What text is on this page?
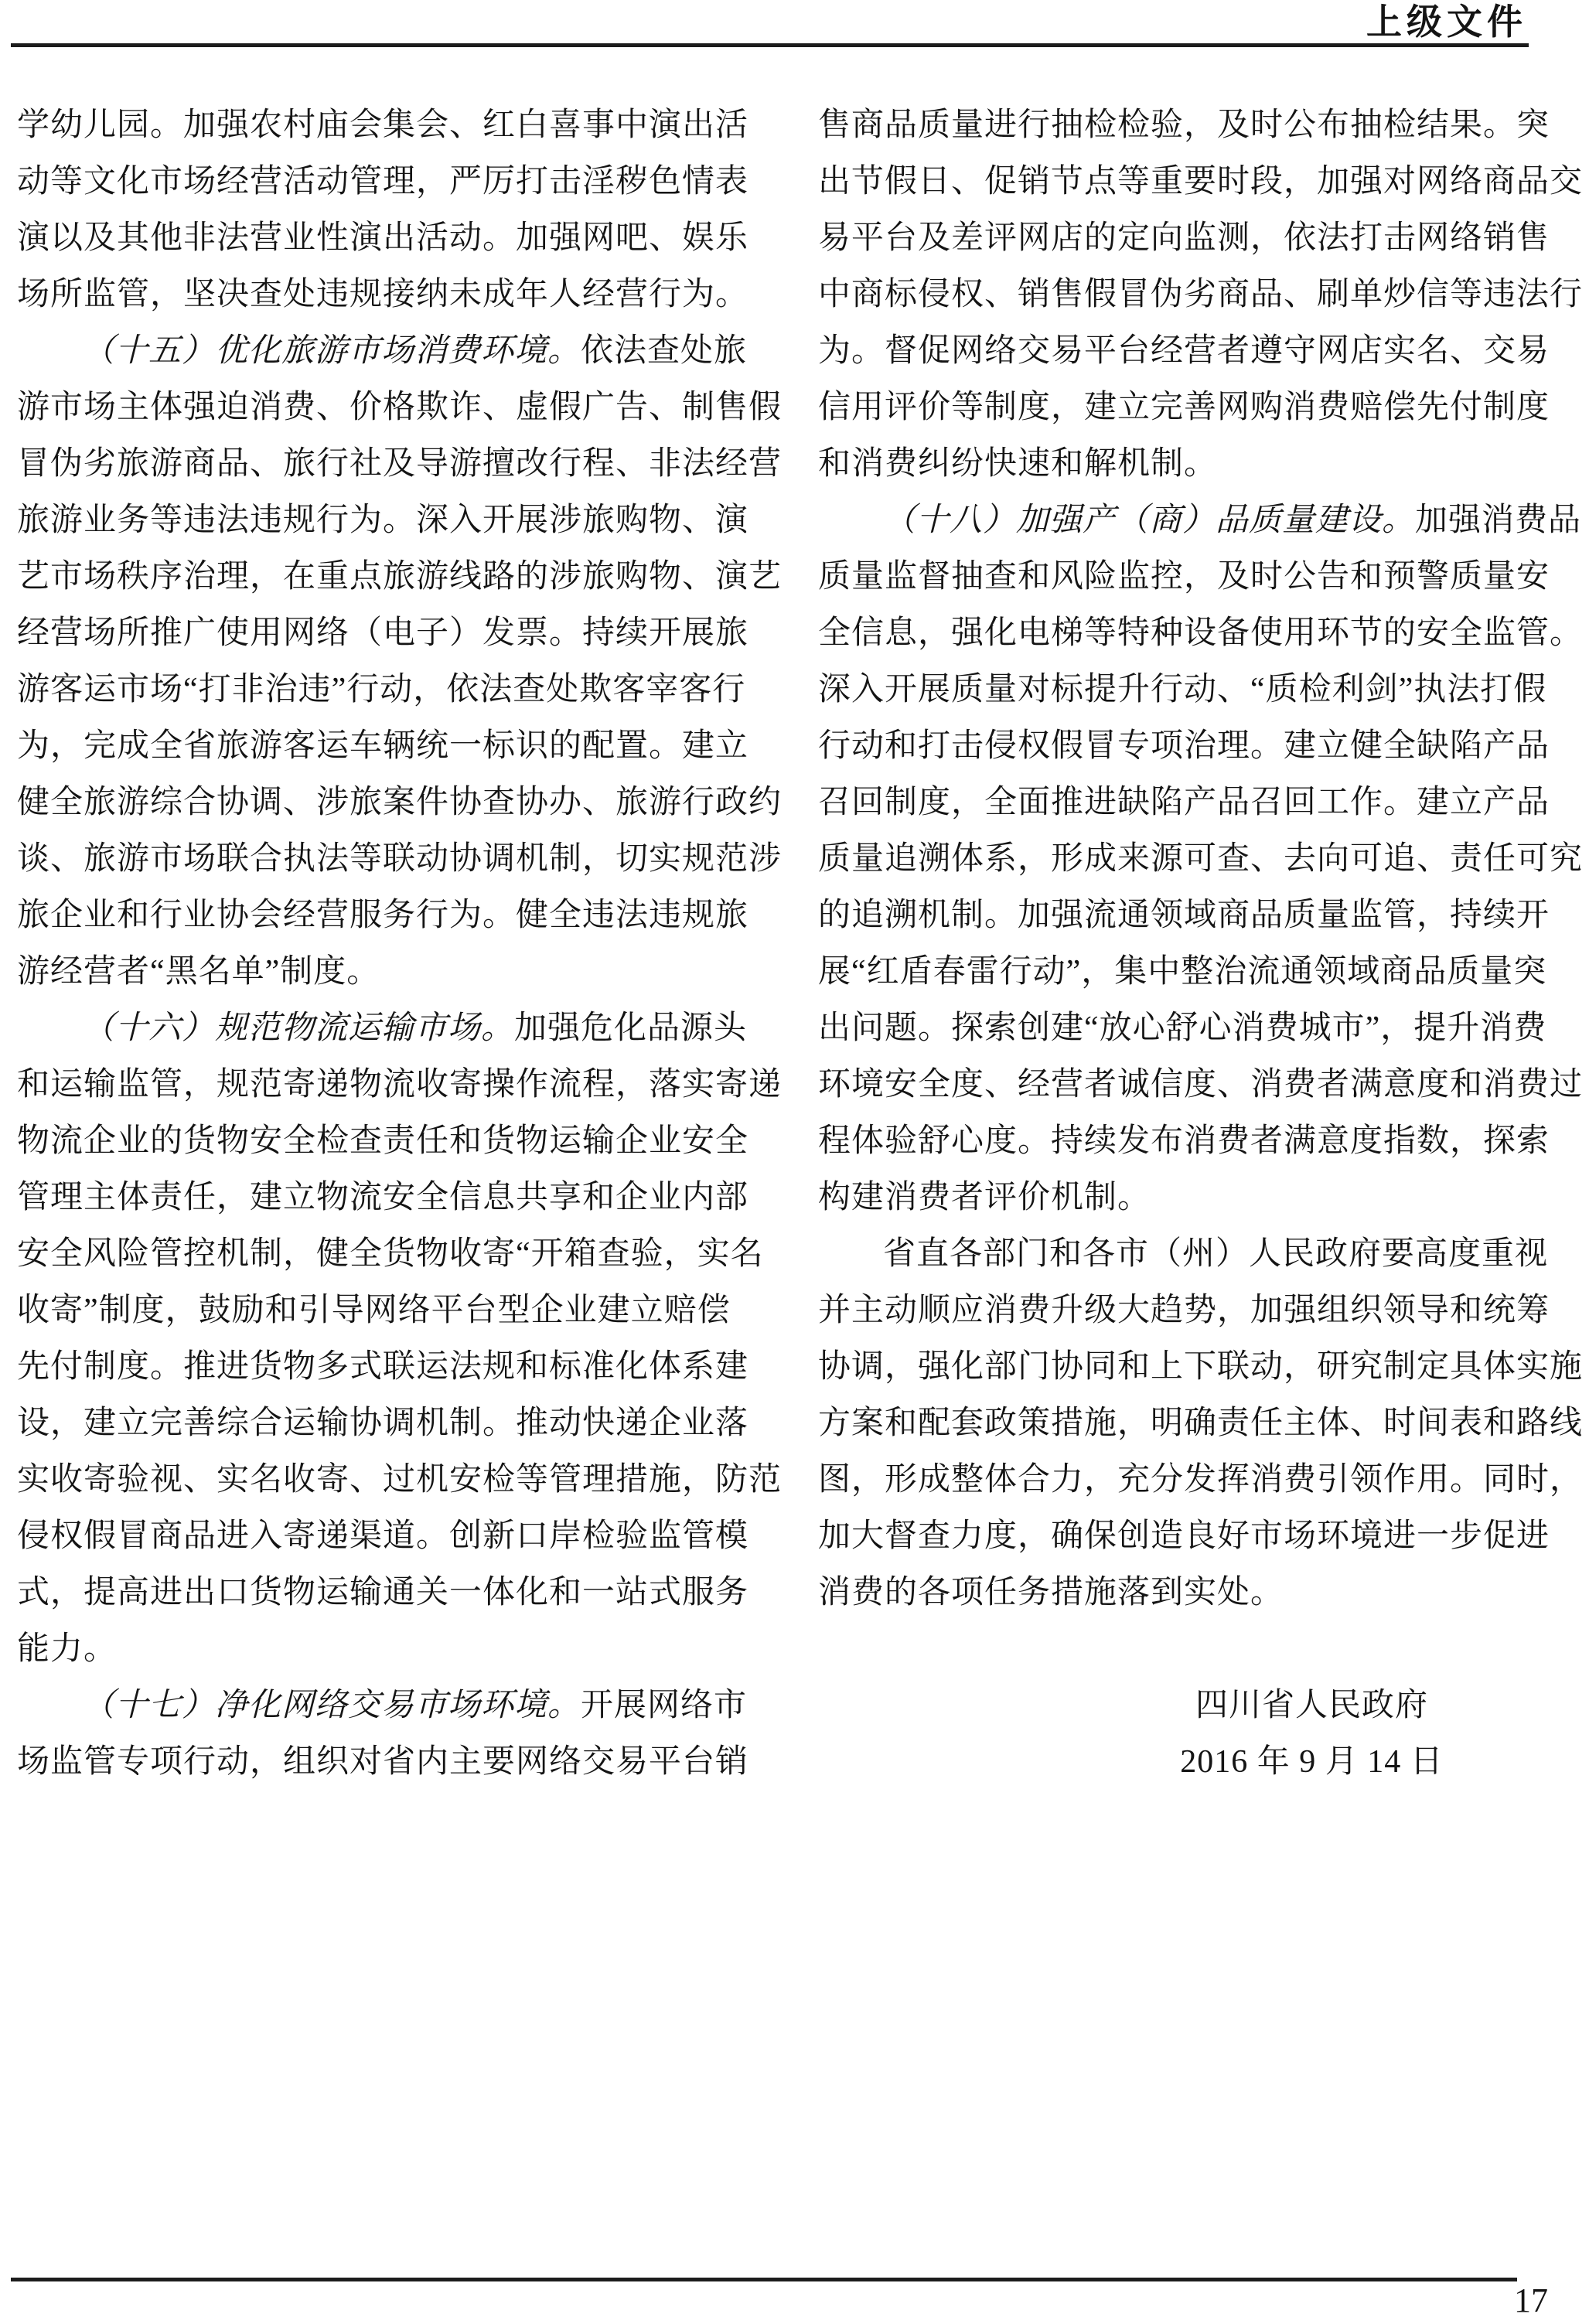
上级文件
学幼儿园。加强农村庙会集会、红白喜事中演出活
动等文化市场经营活动管理，严厉打击淫秽色情表
演以及其他非法营业性演出活动。加强网吧、娱乐
场所监管，坚决查处违规接纳未成年人经营行为。
（十五）优化旅游市场消费环境。依法查处旅
游市场主体强迫消费、价格欺诈、虚假广告、制售假
冒伪劣旅游商品、旅行社及导游擅改行程、非法经营
旅游业务等违法违规行为。深入开展涉旅购物、演
艺市场秩序治理，在重点旅游线路的涉旅购物、演艺
经营场所推广使用网络（电子）发票。持续开展旅
游客运市场“打非治违”行动，依法查处欺客宰客行
为，完成全省旅游客运车辆统一标识的配置。建立
健全旅游综合协调、涉旅案件协查协办、旅游行政约
谈、旅游市场联合执法等联动协调机制，切实规范涉
旅企业和行业协会经营服务行为。健全违法违规旅
游经营者“黑名单”制度。
（十六）规范物流运输市场。加强危化品源头
和运输监管，规范寄递物流收寄操作流程，落实寄递
物流企业的货物安全检查责任和货物运输企业安全
管理主体责任，建立物流安全信息共享和企业内部
安全风险管控机制，健全货物收寄“开箱查验，实名
收寄”制度，鼓励和引导网络平台型企业建立赔偿
先付制度。推进货物多式联运法规和标准化体系建
设，建立完善综合运输协调机制。推动快递企业落
实收寄验视、实名收寄、过机安检等管理措施，防范
侵权假冒商品进入寄递渠道。创新口岸检验监管模
式，提高进出口货物运输通关一体化和一站式服务
能力。
（十七）净化网络交易市场环境。开展网络市
场监管专项行动，组织对省内主要网络交易平台销
售商品质量进行抽检检验，及时公布抽检结果。突
出节假日、促销节点等重要时段，加强对网络商品交
易平台及差评网店的定向监测，依法打击网络销售
中商标侵权、销售假冒伪劣商品、刷单炒信等违法行
为。督促网络交易平台经营者遵守网店实名、交易
信用评价等制度，建立完善网购消费赔偿先付制度
和消费纠纷快速和解机制。
（十八）加强产（商）品质量建设。加强消费品
质量监督抽查和风险监控，及时公告和预警质量安
全信息，强化电梯等特种设备使用环节的安全监管。
深入开展质量对标提升行动、“质检利剑”执法打假
行动和打击侵权假冒专项治理。建立健全缺陷产品
召回制度，全面推进缺陷产品召回工作。建立产品
质量追溯体系，形成来源可查、去向可追、责任可究
的追溯机制。加强流通领域商品质量监管，持续开
展“红盾春雷行动”，集中整治流通领域商品质量突
出问题。探索创建“放心舒心消费城市”，提升消费
环境安全度、经营者诚信度、消费者满意度和消费过
程体验舒心度。持续发布消费者满意度指数，探索
构建消费者评价机制。
省直各部门和各市（州）人民政府要高度重视
并主动顺应消费升级大趋势，加强组织领导和统筹
协调，强化部门协同和上下联动，研究制定具体实施
方案和配套政策措施，明确责任主体、时间表和路线
图，形成整体合力，充分发挥消费引领作用。同时，
加大督查力度，确保创造良好市场环境进一步促进
消费的各项任务措施落到实处。

四川省人民政府
2016 年 9 月 14 日
17
